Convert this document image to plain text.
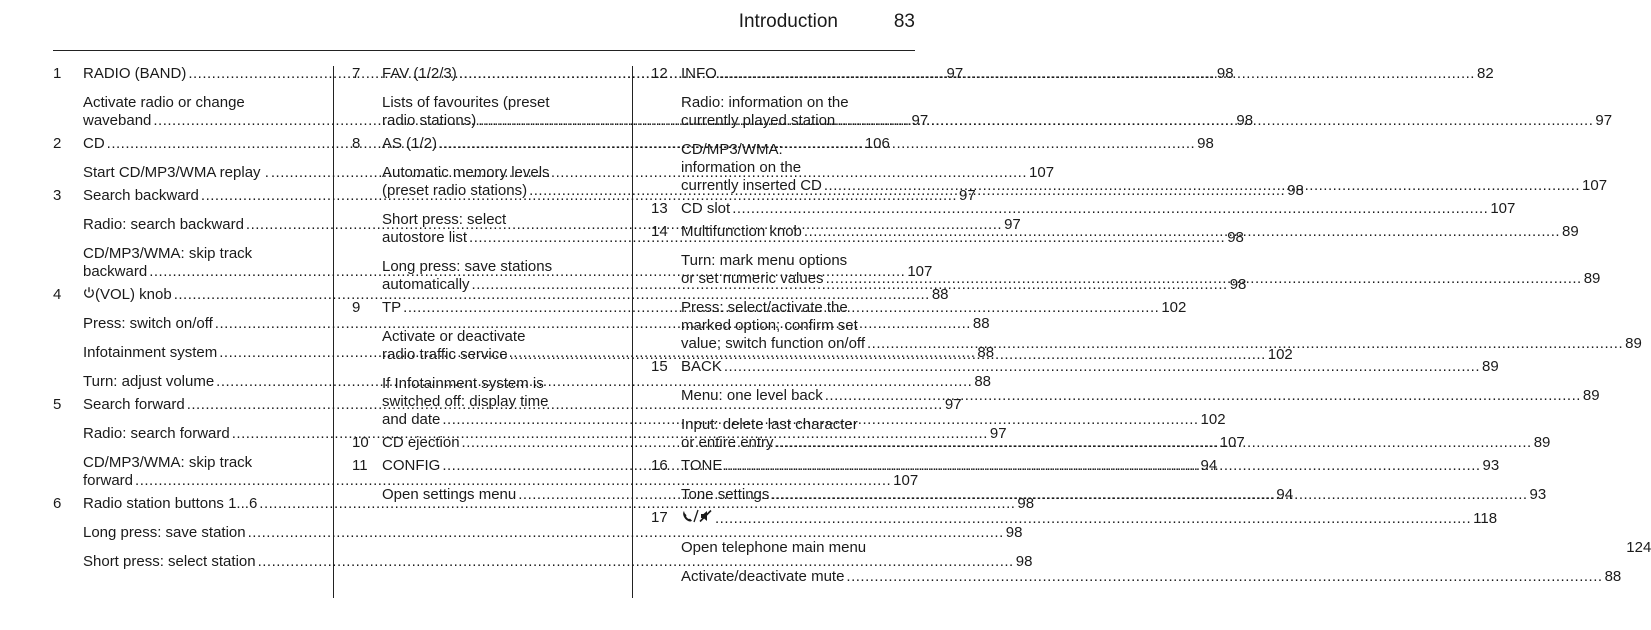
Introduction	83
1	RADIO (BAND) .....	97
Activate radio or change
waveband .....	97
2	CD .....	106
Start CD/MP3/WMA replay . .....	107
3	Search backward .....	97
Radio: search backward .....	97
CD/MP3/WMA: skip track
backward .....	107
4	(VOL) knob .....	88
Press: switch on/off .....	88
Infotainment system .....	88
Turn: adjust volume .....	88
5	Search forward .....	97
Radio: search forward .....	97
CD/MP3/WMA: skip track
forward .....	107
6	Radio station buttons 1...6 .....	98
Long press: save station .....	98
Short press: select station .....	98
7	FAV (1/2/3) .....	98
Lists of favourites (preset
radio stations) .....	98
8	AS (1/2) .....	98
Automatic memory levels
(preset radio stations) .....	98
Short press: select
autostore list .....	98
Long press: save stations
automatically .....	98
9	TP .....	102
Activate or deactivate
radio traffic service .....	102
If Infotainment system is
switched off: display time
and date .....	102
10 CD ejection .....	107
11 CONFIG .....	94
Open settings menu .....	94
12 INFO .....	82
Radio: information on the
currently played station .....	97
CD/MP3/WMA:
information on the
currently inserted CD .....	107
13 CD slot .....	107
14 Multifunction knob .....	89
Turn: mark menu options
or set numeric values .....	89
Press: select/activate the
marked option; confirm set
value; switch function on/off .....	89
15 BACK .....	89
Menu: one level back .....	89
Input: delete last character
or entire entry .....	89
16 TONE .....	93
Tone settings .....	93
17 .....	118
Open telephone main menu	124
Activate/deactivate mute .....	88
